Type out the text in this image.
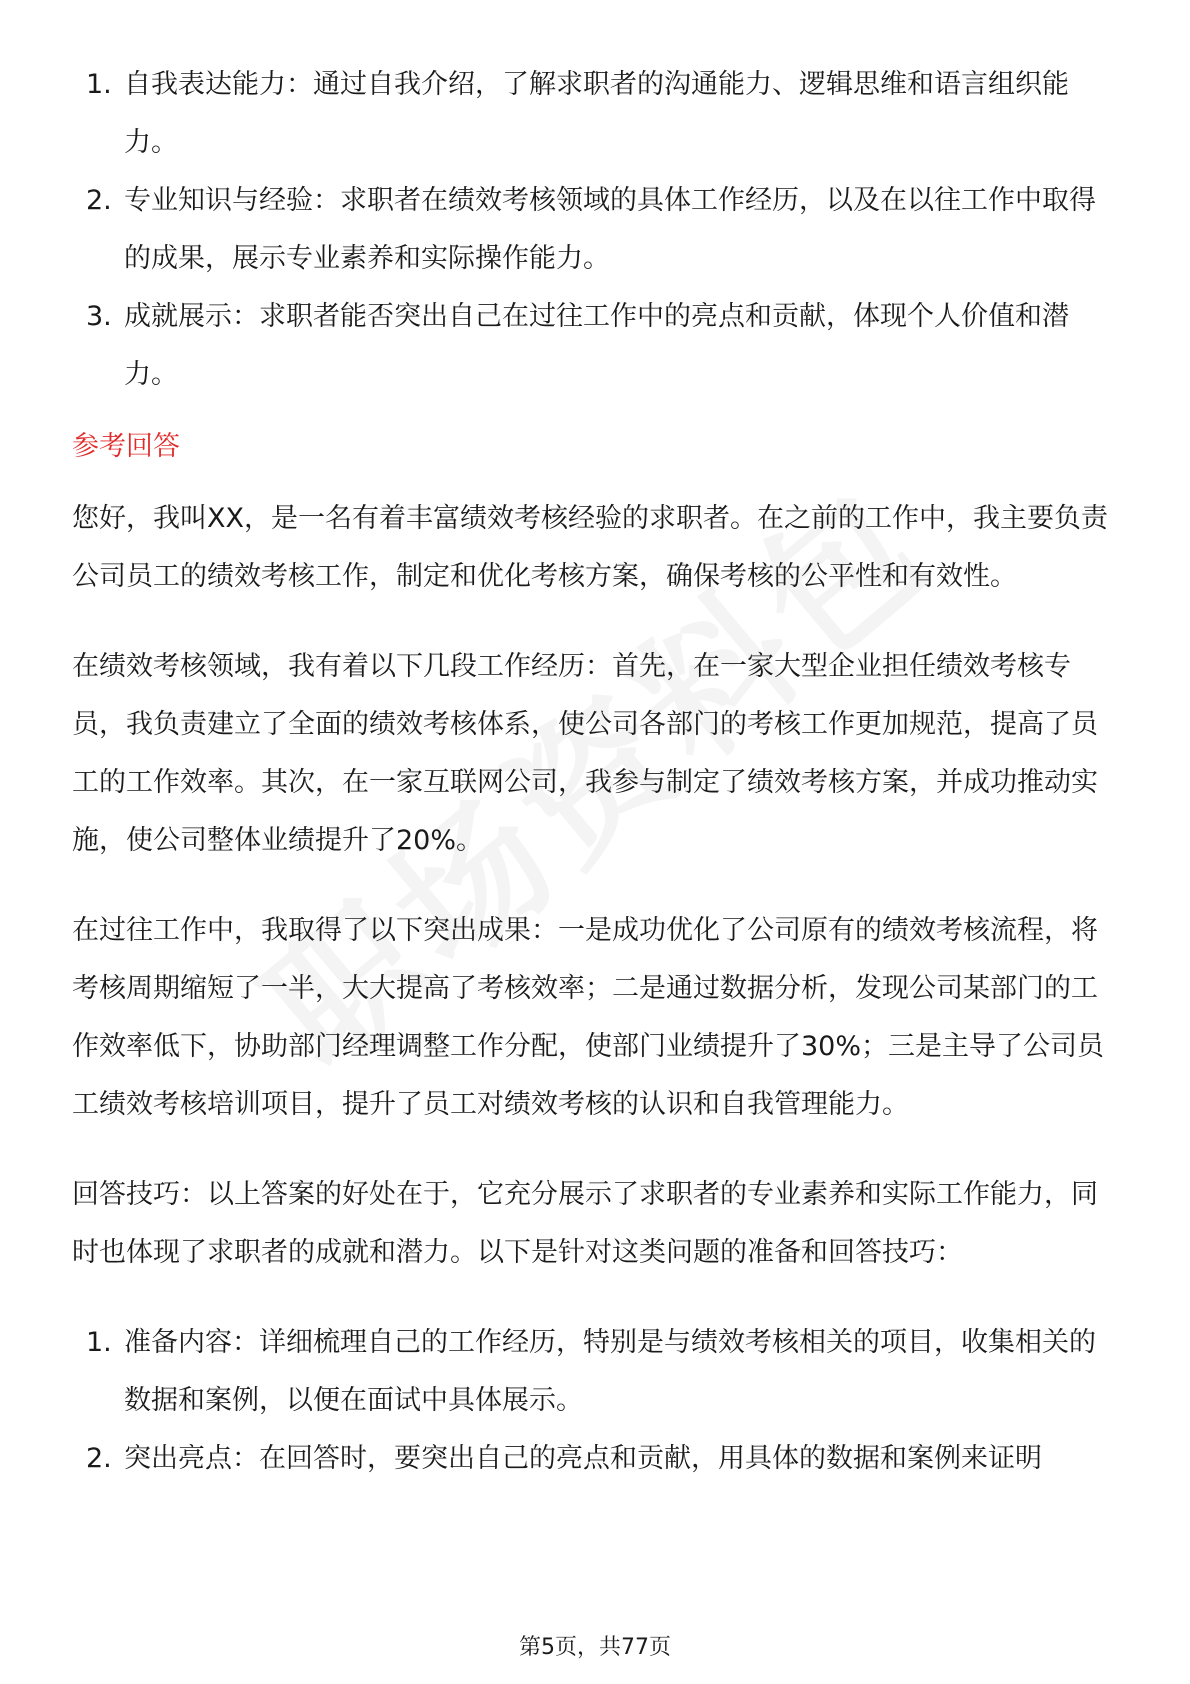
1. 自我表达能力：通过自我介绍，了解求职者的沟通能力、逻辑思维和语言组织能力。
2. 专业知识与经验：求职者在绩效考核领域的具体工作经历，以及在以往工作中取得的成果，展示专业素养和实际操作能力。
3. 成就展示：求职者能否突出自己在过往工作中的亮点和贡献，体现个人价值和潜力。
参考回答

您好，我叫XX，是一名有着丰富绩效考核经验的求职者。在之前的工作中，我主要负责公司员工的绩效考核工作，制定和优化考核方案，确保考核的公平性和有效性。

在绩效考核领域，我有着以下几段工作经历：首先，在一家大型企业担任绩效考核专员，我负责建立了全面的绩效考核体系，使公司各部门的考核工作更加规范，提高了员工的工作效率。其次，在一家互联网公司，我参与制定了绩效考核方案，并成功推动实施，使公司整体业绩提升了20%。

在过往工作中，我取得了以下突出成果：一是成功优化了公司原有的绩效考核流程，将考核周期缩短了一半，大大提高了考核效率；二是通过数据分析，发现公司某部门的工作效率低下，协助部门经理调整工作分配，使部门业绩提升了30%；三是主导了公司员工绩效考核培训项目，提升了员工对绩效考核的认识和自我管理能力。

回答技巧：以上答案的好处在于，它充分展示了求职者的专业素养和实际工作能力，同时也体现了求职者的成就和潜力。以下是针对这类问题的准备和回答技巧：

1. 准备内容：详细梳理自己的工作经历，特别是与绩效考核相关的项目，收集相关的数据和案例，以便在面试中具体展示。
2. 突出亮点：在回答时，要突出自己的亮点和贡献，用具体的数据和案例来证明
第5页，共77页
